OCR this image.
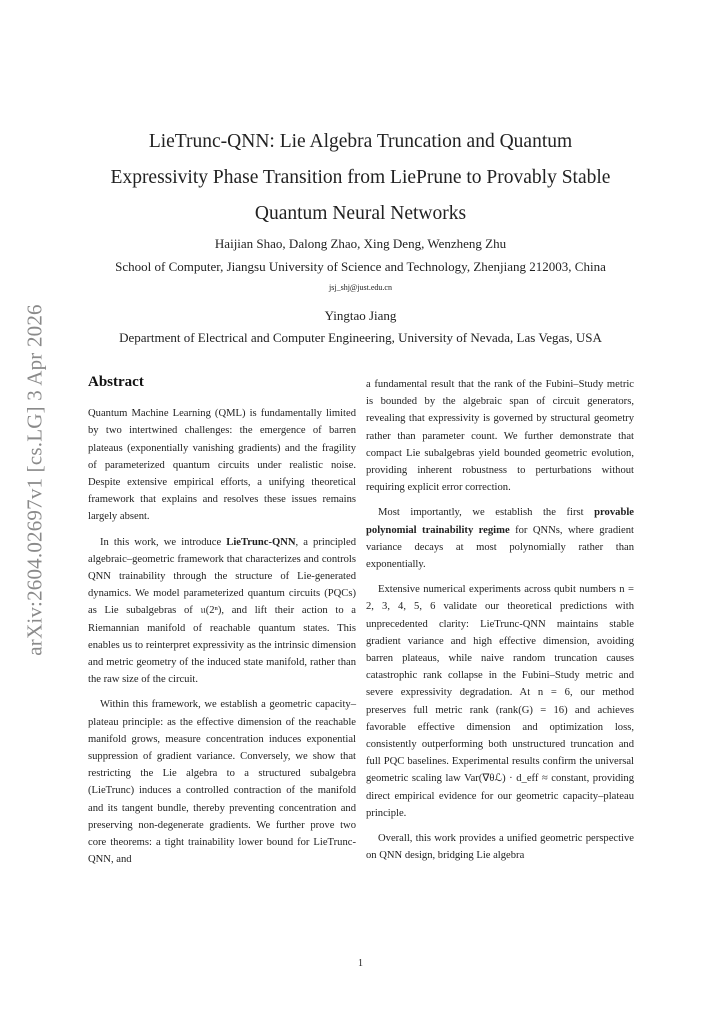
arXiv:2604.02697v1 [cs.LG] 3 Apr 2026
LieTrunc-QNN: Lie Algebra Truncation and Quantum
Expressivity Phase Transition from LiePrune to Provably Stable
Quantum Neural Networks
Haijian Shao, Dalong Zhao, Xing Deng, Wenzheng Zhu
School of Computer, Jiangsu University of Science and Technology, Zhenjiang 212003, China
jsj_shj@just.edu.cn
Yingtao Jiang
Department of Electrical and Computer Engineering, University of Nevada, Las Vegas, USA
Abstract

Quantum Machine Learning (QML) is fundamentally limited by two intertwined challenges: the emergence of barren plateaus (exponentially vanishing gradients) and the fragility of parameterized quantum circuits under realistic noise. Despite extensive empirical efforts, a unifying theoretical framework that explains and resolves these issues remains largely absent.

In this work, we introduce LieTrunc-QNN, a principled algebraic–geometric framework that characterizes and controls QNN trainability through the structure of Lie-generated dynamics. We model parameterized quantum circuits (PQCs) as Lie subalgebras of 𝔲(2ⁿ), and lift their action to a Riemannian manifold of reachable quantum states. This enables us to reinterpret expressivity as the intrinsic dimension and metric geometry of the induced state manifold, rather than the raw size of the circuit.

Within this framework, we establish a geometric capacity–plateau principle: as the effective dimension of the reachable manifold grows, measure concentration induces exponential suppression of gradient variance. Conversely, we show that restricting the Lie algebra to a structured subalgebra (LieTrunc) induces a controlled contraction of the manifold and its tangent bundle, thereby preventing concentration and preserving non-degenerate gradients. We further prove two core theorems: a tight trainability lower bound for LieTrunc-QNN, and

a fundamental result that the rank of the Fubini–Study metric is bounded by the algebraic span of circuit generators, revealing that expressivity is governed by structural geometry rather than parameter count. We further demonstrate that compact Lie subalgebras yield bounded geometric evolution, providing inherent robustness to perturbations without requiring explicit error correction.

Most importantly, we establish the first provable polynomial trainability regime for QNNs, where gradient variance decays at most polynomially rather than exponentially.

Extensive numerical experiments across qubit numbers n = 2, 3, 4, 5, 6 validate our theoretical predictions with unprecedented clarity: LieTrunc-QNN maintains stable gradient variance and high effective dimension, avoiding barren plateaus, while naive random truncation causes catastrophic rank collapse in the Fubini–Study metric and severe expressivity degradation. At n = 6, our method preserves full metric rank (rank(G) = 16) and achieves favorable effective dimension and optimization loss, consistently outperforming both unstructured truncation and full PQC baselines. Experimental results confirm the universal geometric scaling law Var(∇θℒ) · d_eff ≈ constant, providing direct empirical evidence for our geometric capacity–plateau principle.

Overall, this work provides a unified geometric perspective on QNN design, bridging Lie algebra

1
